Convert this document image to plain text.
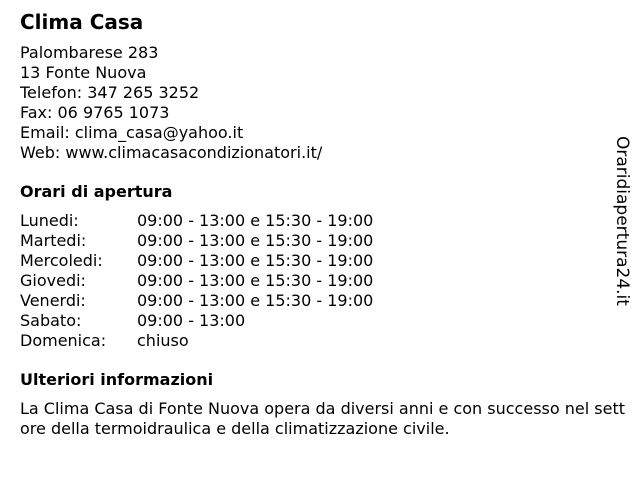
Clima Casa
Palombarese 283
13 Fonte Nuova
Telefon: 347 265 3252
Fax: 06 9765 1073
Email: clima_casa@yahoo.it
Web: www.climacasacondizionatori.it/
Orari di apertura
Lunedi:	09:00 - 13:00 e 15:30 - 19:00
Martedi:	09:00 - 13:00 e 15:30 - 19:00
Mercoledi:	09:00 - 13:00 e 15:30 - 19:00
Giovedi:	09:00 - 13:00 e 15:30 - 19:00
Venerdi:	09:00 - 13:00 e 15:30 - 19:00
Sabato:	09:00 - 13:00
Domenica:	chiuso
Ulteriori informazioni
La Clima Casa di Fonte Nuova opera da diversi anni e con successo nel settore della termoidraulica e della climatizzazione civile.
Oraridiapertura24.it
